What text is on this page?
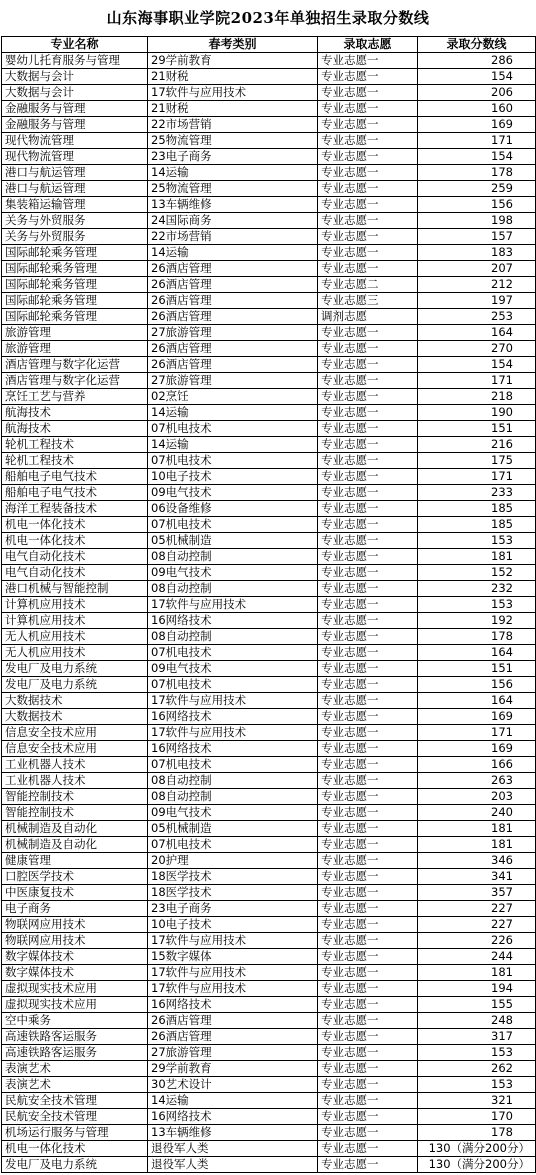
山东海事职业学院2023年单独招生录取分数线
专业名称	春考类别	录取志愿	录取分数线
婴幼儿托育服务与管理	29学前教育	专业志愿一	286
大数据与会计	21财税	专业志愿一	154
大数据与会计	17软件与应用技术	专业志愿一	206
金融服务与管理	21财税	专业志愿一	160
金融服务与管理	22市场营销	专业志愿一	169
现代物流管理	25物流管理	专业志愿一	171
现代物流管理	23电子商务	专业志愿一	154
港口与航运管理	14运输	专业志愿一	178
港口与航运管理	25物流管理	专业志愿一	259
集装箱运输管理	13车辆维修	专业志愿一	156
关务与外贸服务	24国际商务	专业志愿一	198
关务与外贸服务	22市场营销	专业志愿一	157
国际邮轮乘务管理	14运输	专业志愿一	183
国际邮轮乘务管理	26酒店管理	专业志愿一	207
国际邮轮乘务管理	26酒店管理	专业志愿二	212
国际邮轮乘务管理	26酒店管理	专业志愿三	197
国际邮轮乘务管理	26酒店管理	调剂志愿	253
旅游管理	27旅游管理	专业志愿一	164
旅游管理	26酒店管理	专业志愿一	270
酒店管理与数字化运营	26酒店管理	专业志愿一	154
酒店管理与数字化运营	27旅游管理	专业志愿一	171
烹饪工艺与营养	02烹饪	专业志愿一	218
航海技术	14运输	专业志愿一	190
航海技术	07机电技术	专业志愿一	151
轮机工程技术	14运输	专业志愿一	216
轮机工程技术	07机电技术	专业志愿一	175
船舶电子电气技术	10电子技术	专业志愿一	171
船舶电子电气技术	09电气技术	专业志愿一	233
海洋工程装备技术	06设备维修	专业志愿一	185
机电一体化技术	07机电技术	专业志愿一	185
机电一体化技术	05机械制造	专业志愿一	153
电气自动化技术	08自动控制	专业志愿一	181
电气自动化技术	09电气技术	专业志愿一	152
港口机械与智能控制	08自动控制	专业志愿一	232
计算机应用技术	17软件与应用技术	专业志愿一	153
计算机应用技术	16网络技术	专业志愿一	192
无人机应用技术	08自动控制	专业志愿一	178
无人机应用技术	07机电技术	专业志愿一	164
发电厂及电力系统	09电气技术	专业志愿一	151
发电厂及电力系统	07机电技术	专业志愿一	156
大数据技术	17软件与应用技术	专业志愿一	164
大数据技术	16网络技术	专业志愿一	169
信息安全技术应用	17软件与应用技术	专业志愿一	171
信息安全技术应用	16网络技术	专业志愿一	169
工业机器人技术	07机电技术	专业志愿一	166
工业机器人技术	08自动控制	专业志愿一	263
智能控制技术	08自动控制	专业志愿一	203
智能控制技术	09电气技术	专业志愿一	240
机械制造及自动化	05机械制造	专业志愿一	181
机械制造及自动化	07机电技术	专业志愿一	181
健康管理	20护理	专业志愿一	346
口腔医学技术	18医学技术	专业志愿一	341
中医康复技术	18医学技术	专业志愿一	357
电子商务	23电子商务	专业志愿一	227
物联网应用技术	10电子技术	专业志愿一	227
物联网应用技术	17软件与应用技术	专业志愿一	226
数字媒体技术	15数字媒体	专业志愿一	244
数字媒体技术	17软件与应用技术	专业志愿一	181
虚拟现实技术应用	17软件与应用技术	专业志愿一	194
虚拟现实技术应用	16网络技术	专业志愿一	155
空中乘务	26酒店管理	专业志愿一	248
高速铁路客运服务	26酒店管理	专业志愿一	317
高速铁路客运服务	27旅游管理	专业志愿一	153
表演艺术	29学前教育	专业志愿一	262
表演艺术	30艺术设计	专业志愿一	153
民航安全技术管理	14运输	专业志愿一	321
民航安全技术管理	16网络技术	专业志愿一	170
机场运行服务与管理	13车辆维修	专业志愿一	178
机电一体化技术	退役军人类	专业志愿一	130（满分200分）
发电厂及电力系统	退役军人类	专业志愿一	130（满分200分）
